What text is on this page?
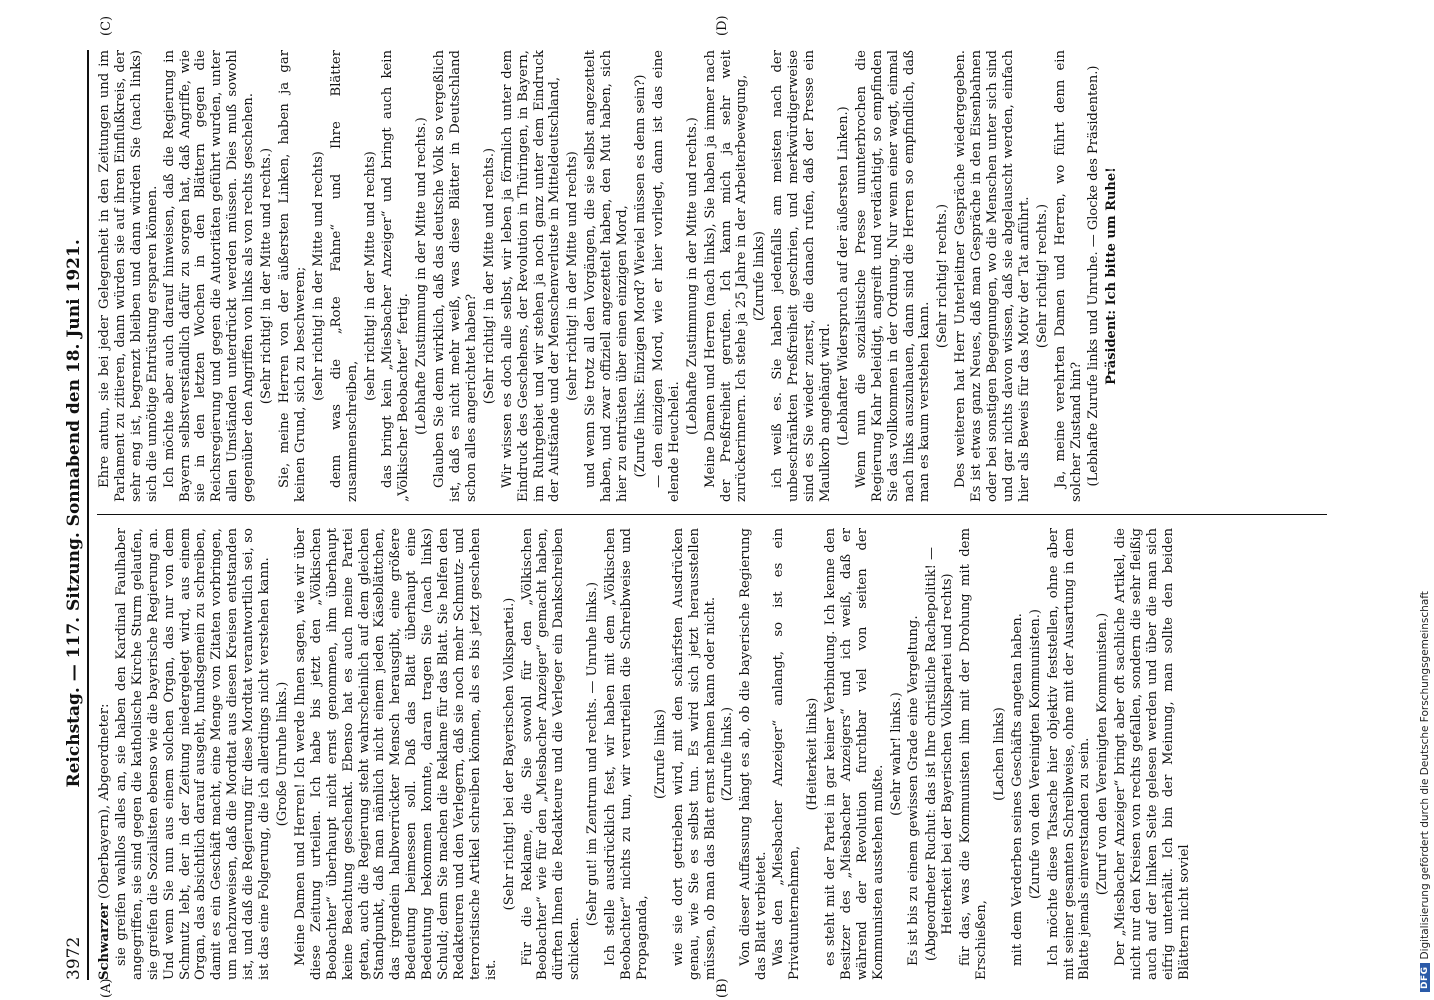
3972
Reichstag. — 117. Sitzung. Sonnabend den 18. Juni 1921.
(A)	(B)
(C)	(D)

Schwarzer (Oberbayern), Abgeordneter: sie greifen wahllos alles an, sie haben den Kardinal Faulhaber angegriffen, sie sind gegen die katholische Kirche Sturm gelaufen, sie greifen die Sozialisten ebenso wie die bayerische Regierung an. Und wenn Sie nun aus einem solchen Organ, das nur von dem Schmutz lebt, der in der Zeitung niedergelegt wird, aus einem Organ, das absichtlich darauf ausgeht, hundsgemein zu schreiben, damit es ein Geschäft macht, eine Menge von Zitaten vorbringen, um nachzuweisen, daß die Mordtat aus diesen Kreisen entstanden ist, und daß die Regierung für diese Mordtat verantwortlich sei, so ist das eine Folgerung, die ich allerdings nicht verstehen kann. (Große Unruhe links.) Meine Damen und Herren! Ich werde Ihnen sagen, wie wir über diese Zeitung urteilen. Ich habe bis jetzt den „Völkischen Beobachter“ überhaupt nicht ernst genommen, ihm überhaupt keine Beachtung geschenkt. Ebenso hat es auch meine Partei getan, auch die Regierung steht wahrscheinlich auf dem gleichen Standpunkt, daß man nämlich nicht einem jeden Käseblättchen, das irgendein halbverrückter Mensch herausgibt, eine größere Bedeutung beimessen soll. Daß das Blatt überhaupt eine Bedeutung bekommen konnte, daran tragen Sie (nach links) Schuld; denn Sie machen die Reklame für das Blatt. Sie helfen den Redakteuren und den Verlegern, daß sie noch mehr Schmutz- und terroristische Artikel schreiben können, als es bis jetzt geschehen ist.

(Sehr richtig! bei der Bayerischen Volkspartei.) Für die Reklame, die Sie sowohl für den „Völkischen Beobachter“ wie für den „Miesbacher Anzeiger“ gemacht haben, dürften Ihnen die Redakteure und die Verleger ein Dankschreiben schicken.

(Sehr gut! im Zentrum und rechts. — Unruhe links.) Ich stelle ausdrücklich fest, wir haben mit dem „Völkischen Beobachter“ nichts zu tun, wir verurteilen die Schreibweise und Propaganda,

(Zurufe links) wie sie dort getrieben wird, mit den schärfsten Ausdrücken genau, wie Sie es selbst tun. Es wird sich jetzt herausstellen müssen, ob man das Blatt ernst nehmen kann oder nicht. (Zurufe links.) Von dieser Auffassung hängt es ab, ob die bayerische Regierung das Blatt verbietet. Was den „Miesbacher Anzeiger“ anlangt, so ist es ein Privatunternehmen,

(Heiterkeit links) es steht mit der Partei in gar keiner Verbindung. Ich kenne den Besitzer des „Miesbacher Anzeigers“ und ich weiß, daß er während der Revolution furchtbar viel von seiten der Kommunisten ausstehen mußte.

(Sehr wahr! links.) Es ist bis zu einem gewissen Grade eine Vergeltung. (Abgeordneter Ruchut: das ist Ihre christliche Rachepolitik! — Heiterkeit bei der Bayerischen Volkspartei und rechts) für das, was die Kommunisten ihm mit der Drohung mit dem Erschießen,

(Lachen links) mit dem Verderben seines Geschäfts angetan haben. (Zurufe von den Vereinigten Kommunisten.) Ich möchte diese Tatsache hier objektiv feststellen, ohne aber mit seiner gesamten Schreibweise, ohne mit der Ausartung in dem Blatte jemals einverstanden zu sein. (Zuruf von den Vereinigten Kommunisten.) Der „Miesbacher Anzeiger“ bringt aber oft sachliche Artikel, die nicht nur den Kreisen von rechts gefallen, sondern die sehr fleißig auch auf der linken Seite gelesen werden und über die man sich eifrig unterhält. Ich bin der Meinung, man sollte den beiden Blättern nicht soviel

Ehre antun, sie bei jeder Gelegenheit in den Zeitungen und im Parlament zu zitieren, dann würden sie auf ihren Einflußkreis, der sehr eng ist, begrenzt bleiben und dann würden Sie (nach links) sich die unnötige Entrüstung ersparen können. Ich möchte aber auch darauf hinweisen, daß die Regierung in Bayern selbstverständlich dafür zu sorgen hat, daß Angriffe, wie sie in den letzten Wochen in den Blättern gegen die Reichsregierung und gegen die Autoritäten geführt wurden, unter allen Umständen unterdrückt werden müssen. Dies muß sowohl gegenüber den Angriffen von links als von rechts geschehen. (Sehr richtig! in der Mitte und rechts.) Sie, meine Herren von der äußersten Linken, haben ja gar keinen Grund, sich zu beschweren; (sehr richtig! in der Mitte und rechts) denn was die „Rote Fahne“ und Ihre Blätter zusammenschreiben,

(sehr richtig! in der Mitte und rechts) das bringt kein „Miesbacher Anzeiger“ und bringt auch kein „Völkischer Beobachter“ fertig. (Lebhafte Zustimmung in der Mitte und rechts.) Glauben Sie denn wirklich, daß das deutsche Volk so vergeßlich ist, daß es nicht mehr weiß, was diese Blätter in Deutschland schon alles angerichtet haben? (Sehr richtig! in der Mitte und rechts.) Wir wissen es doch alle selbst, wir leben ja förmlich unter dem Eindruck des Geschehens, der Revolution in Thüringen, in Bayern, im Ruhrgebiet und wir stehen ja noch ganz unter dem Eindruck der Aufstände und der Menschenverluste in Mitteldeutschland, (sehr richtig! in der Mitte und rechts) und wenn Sie trotz all den Vorgängen, die sie selbst angezettelt haben, und zwar offiziell angezettelt haben, den Mut haben, sich hier zu entrüsten über einen einzigen Mord, (Zurufe links: Einzigen Mord? Wieviel müssen es denn sein?) — den einzigen Mord, wie er hier vorliegt, dann ist das eine elende Heuchelei.

(Lebhafte Zustimmung in der Mitte und rechts.) Meine Damen und Herren (nach links), Sie haben ja immer nach der Preßfreiheit gerufen. Ich kann mich ja sehr weit zurückerinnern. Ich stehe ja 25 Jahre in der Arbeiterbewegung, (Zurufe links) ich weiß es. Sie haben jedenfalls am meisten nach der unbeschränkten Preßfreiheit geschrien, und merkwürdigerweise sind es Sie wieder zuerst, die danach rufen, daß der Presse ein Maulkorb angehängt wird. (Lebhafter Widerspruch auf der äußersten Linken.) Wenn nun die sozialistische Presse ununterbrochen die Regierung Kahr beleidigt, angreift und verdächtigt, so empfinden Sie das vollkommen in der Ordnung. Nur wenn einer wagt, einmal nach links auszuhauen, dann sind die Herren so empfindlich, daß man es kaum verstehen kann.

(Sehr richtig! rechts.) Des weiteren hat Herr Unterleitner Gespräche wiedergegeben. Es ist etwas ganz Neues, daß man Gespräche in den Eisenbahnen oder bei sonstigen Begegnungen, wo die Menschen unter sich sind und gar nichts davon wissen, daß sie abgelauscht werden, einfach hier als Beweis für das Motiv der Tat anführt. (Sehr richtig! rechts.) Ja, meine verehrten Damen und Herren, wo führt denn ein solcher Zustand hin? (Lebhafte Zurufe links und Unruhe. — Glocke des Präsidenten.) Präsident: Ich bitte um Ruhe!

DFG
Digitalisierung gefördert durch die Deutsche Forschungsgemeinschaft
